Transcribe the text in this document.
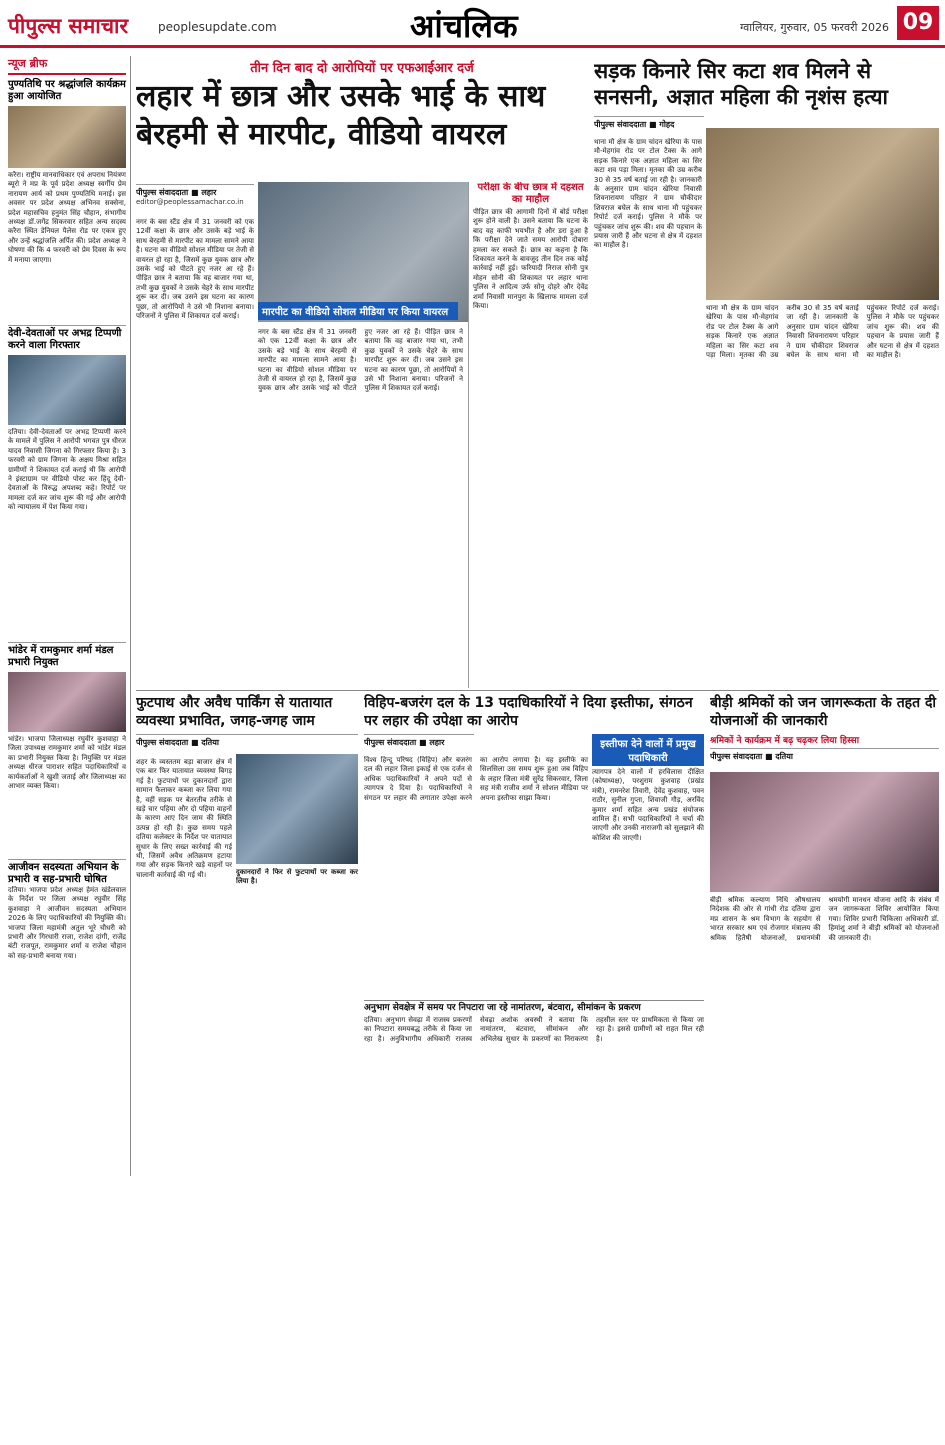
पीपुल्स समाचार peoplesupdate.com	आंचलिक	ग्वालियर, गुरुवार, 05 फरवरी 2026 09
न्यूज ब्रीफ
पुण्यतिथि पर श्रद्धांजलि कार्यक्रम हुआ आयोजित
करैरा। राष्ट्रीय मानवाधिकार एवं अपराध नियंत्रण ब्यूरो ने मप्र के पूर्व प्रदेश अध्यक्ष स्वर्गीय प्रेम नारायण आर्य को प्रथम पुण्यतिथि मनाई। इस अवसर पर प्रदेश अध्यक्ष अभिनव सक्सेना, प्रदेश महासचिव हनुमंत सिंह चौहान, संभागीय अध्यक्ष डॉ.जगेंद्र सिकरवार सहित अन्य सदस्य करैरा स्थित डेनियल पैलेस रोड पर एकत्र हुए और उन्हें श्रद्धांजलि अर्पित की। प्रदेश अध्यक्ष ने घोषणा की कि 4 फरवरी को प्रेम दिवस के रूप में मनाया जाएगा।
देवी-देवताओं पर अभद्र टिप्पणी करने वाला गिरफ्तार
दतिया। देवी-देवताओं पर अभद्र टिप्पणी करने के मामले में पुलिस ने आरोपी भगवत पुत्र धीरज यादव निवासी जिगना को गिरफ्तार किया है। 3 फरवरी को ग्राम जिगना के अक्षय मिश्रा सहित ग्रामीणों ने शिकायत दर्ज कराई थी कि आरोपी ने इंस्टाग्राम पर वीडियो पोस्ट कर हिंदू देवी-देवताओं के विरुद्ध अपशब्द कहे। रिपोर्ट पर मामला दर्ज कर जांच शुरू की गई और आरोपी को न्यायालय में पेश किया गया।
भांडेर में रामकुमार शर्मा मंडल प्रभारी नियुक्त
भांडेर। भाजपा जिलाध्यक्ष रघुवीर कुशवाहा ने जिला उपाध्यक्ष रामकुमार शर्मा को भांडेर मंडल का प्रभारी नियुक्त किया है। नियुक्ति पर मंडल अध्यक्ष धीरज पाराशर सहित पदाधिकारियों व कार्यकर्ताओं ने खुशी जताई और जिलाध्यक्ष का आभार व्यक्त किया।
आजीवन सदस्यता अभियान के प्रभारी व सह-प्रभारी घोषित
दतिया। भाजपा प्रदेश अध्यक्ष हेमंत खंडेलवाल के निर्देश पर जिला अध्यक्ष रघुवीर सिंह कुशवाहा ने आजीवन सदस्यता अभियान 2026 के लिए पदाधिकारियों की नियुक्ति की। भाजपा जिला महामंत्री अतुल भूरे चौधरी को प्रभारी और गिरधारी राजा, राजेश दांगी, राजेंद्र बंटी राजपूत, रामकुमार शर्मा व राजेश चौहान को सह-प्रभारी बनाया गया।
तीन दिन बाद दो आरोपियों पर एफआईआर दर्ज
लहार में छात्र और उसके भाई के साथ बेरहमी से मारपीट, वीडियो वायरल
पीपुल्स संवाददाता ■ लहार
editor@peoplessamachar.co.in
मारपीट का वीडियो सोशल मीडिया पर किया वायरल
नगर के बस स्टैंड क्षेत्र में 31 जनवरी को एक 12वीं कक्षा के छात्र और उसके बड़े भाई के साथ बेरहमी से मारपीट का मामला सामने आया है। घटना का वीडियो सोशल मीडिया पर तेजी से वायरल हो रहा है, जिसमें कुछ युवक छात्र और उसके भाई को पीटते हुए नजर आ रहे हैं। पीड़ित छात्र ने बताया कि वह बाजार गया था, तभी कुछ युवकों ने उसके चेहरे के साथ मारपीट शुरू कर दी। जब उसने इस घटना का कारण पूछा, तो आरोपियों ने उसे भी निशाना बनाया। परिजनों ने पुलिस में शिकायत दर्ज कराई।
नगर के बस स्टैंड क्षेत्र में 31 जनवरी को एक 12वीं कक्षा के छात्र और उसके बड़े भाई के साथ बेरहमी से मारपीट का मामला सामने आया है। घटना का वीडियो सोशल मीडिया पर तेजी से वायरल हो रहा है, जिसमें कुछ युवक छात्र और उसके भाई को पीटते हुए नजर आ रहे हैं। पीड़ित छात्र ने बताया कि वह बाजार गया था, तभी कुछ युवकों ने उसके चेहरे के साथ मारपीट शुरू कर दी। जब उसने इस घटना का कारण पूछा, तो आरोपियों ने उसे भी निशाना बनाया। परिजनों ने पुलिस में शिकायत दर्ज कराई।
परीक्षा के बीच छात्र में दहशत का माहौल
पीड़ित छात्र की आगामी दिनों में बोर्ड परीक्षा शुरू होने वाली है। उसने बताया कि घटना के बाद वह काफी भयभीत है और डरा हुआ है कि परीक्षा देने जाते समय आरोपी दोबारा हमला कर सकते हैं। छात्र का कहना है कि शिकायत करने के बावजूद तीन दिन तक कोई कार्रवाई नहीं हुई। फरियादी निराज सोनी पुत्र मोहन सोनी की शिकायत पर लहार थाना पुलिस ने आदित्य उर्फ सोनू दोहरे और देवेंद्र शर्मा निवासी मानपुरा के खिलाफ मामला दर्ज किया।
सड़क किनारे सिर कटा शव मिलने से सनसनी, अज्ञात महिला की नृशंस हत्या
पीपुल्स संवाददाता ■ गोहद
थाना मौ क्षेत्र के ग्राम चांदन खेरिया के पास मौ-मेहगांव रोड पर टोल टैक्स के आगे सड़क किनारे एक अज्ञात महिला का सिर कटा शव पड़ा मिला। मृतका की उम्र करीब 30 से 35 वर्ष बताई जा रही है। जानकारी के अनुसार ग्राम चांदन खेरिया निवासी शिवनारायण परिहार ने ग्राम चौकीदार शिवराज बघेल के साथ थाना मौ पहुंचकर रिपोर्ट दर्ज कराई। पुलिस ने मौके पर पहुंचकर जांच शुरू की। शव की पहचान के प्रयास जारी हैं और घटना से क्षेत्र में दहशत का माहौल है।
थाना मौ क्षेत्र के ग्राम चांदन खेरिया के पास मौ-मेहगांव रोड पर टोल टैक्स के आगे सड़क किनारे एक अज्ञात महिला का सिर कटा शव पड़ा मिला। मृतका की उम्र करीब 30 से 35 वर्ष बताई जा रही है। जानकारी के अनुसार ग्राम चांदन खेरिया निवासी शिवनारायण परिहार ने ग्राम चौकीदार शिवराज बघेल के साथ थाना मौ पहुंचकर रिपोर्ट दर्ज कराई। पुलिस ने मौके पर पहुंचकर जांच शुरू की। शव की पहचान के प्रयास जारी हैं और घटना से क्षेत्र में दहशत का माहौल है।
फुटपाथ और अवैध पार्किंग से यातायात व्यवस्था प्रभावित, जगह-जगह जाम
पीपुल्स संवाददाता ■ दतिया
शहर के व्यस्ततम बड़ा बाजार क्षेत्र में एक बार फिर यातायात व्यवस्था बिगड़ गई है। फुटपाथों पर दुकानदारों द्वारा सामान फैलाकर कब्जा कर लिया गया है, वहीं सड़क पर बेतरतीब तरीके से खड़े चार पहिया और दो पहिया वाहनों के कारण आए दिन जाम की स्थिति उत्पन्न हो रही है। कुछ समय पहले दतिया कलेक्टर के निर्देश पर यातायात सुधार के लिए सख्त कार्रवाई की गई थी, जिसमें अवैध अतिक्रमण हटाया गया और सड़क किनारे खड़े वाहनों पर चालानी कार्रवाई की गई थी।	दुकानदारों ने फिर से फुटपाथों पर कब्जा कर लिया है।
विहिप-बजरंग दल के 13 पदाधिकारियों ने दिया इस्तीफा, संगठन पर लहार की उपेक्षा का आरोप
पीपुल्स संवाददाता ■ लहार
विश्व हिन्दू परिषद (विहिप) और बजरंग दल की लहार जिला इकाई से एक दर्जन से अधिक पदाधिकारियों ने अपने पदों से त्यागपत्र दे दिया है। पदाधिकारियों ने संगठन पर लहार की लगातार उपेक्षा करने का आरोप लगाया है। यह इस्तीफे का सिलसिला उस समय शुरू हुआ जब विहिप के लहार जिला मंत्री सुरेंद्र सिकरवार, जिला सह मंत्री राजीव शर्मा ने सोशल मीडिया पर अपना इस्तीफा साझा किया।
इस्तीफा देने वालों में प्रमुख पदाधिकारी
त्यागपत्र देने वालों में हरविलास दीक्षित (कोषाध्यक्ष), परशुराम कुशवाह (प्रखंड मंत्री), रामनरेश तिवारी, देवेंद्र कुशवाह, पवन राठौर, सुनील गुप्ता, शिवाजी गौड़, अरविंद कुमार शर्मा सहित अन्य प्रखंड संयोजक शामिल हैं। सभी पदाधिकारियों ने चर्चा की जाएगी और उनकी नाराजगी को सुलझाने की कोशिश की जाएगी।
अनुभाग सेवक्षेत्र में समय पर निपटारा जा रहे नामांतरण, बंटवारा, सीमांकन के प्रकरण
दतिया। अनुभाग सेवढ़ा में राजस्व प्रकरणों का निपटारा समयबद्ध तरीके से किया जा रहा है। अनुविभागीय अधिकारी राजस्व सेवढ़ा अशोक अवस्थी ने बताया कि नामांतरण, बंटवारा, सीमांकन और अभिलेख सुधार के प्रकरणों का निराकरण तहसील स्तर पर प्राथमिकता से किया जा रहा है। इससे ग्रामीणों को राहत मिल रही है।
बीड़ी श्रमिकों को जन जागरूकता के तहत दी योजनाओं की जानकारी
श्रमिकों ने कार्यक्रम में बढ़ चढ़कर लिया हिस्सा
पीपुल्स संवाददाता ■ दतिया
बीड़ी श्रमिक कल्याण निधि औषधालय निदेशक की ओर से गांधी रोड दतिया द्वारा मप्र शासन के श्रम विभाग के सहयोग से भारत सरकार श्रम एवं रोजगार मंत्रालय की श्रमिक हितैषी योजनाओं, प्रधानमंत्री श्रमयोगी मानधन योजना आदि के संबंध में जन जागरूकता शिविर आयोजित किया गया। शिविर प्रभारी चिकित्सा अधिकारी डॉ. हिमांशु शर्मा ने बीड़ी श्रमिकों को योजनाओं की जानकारी दी।
